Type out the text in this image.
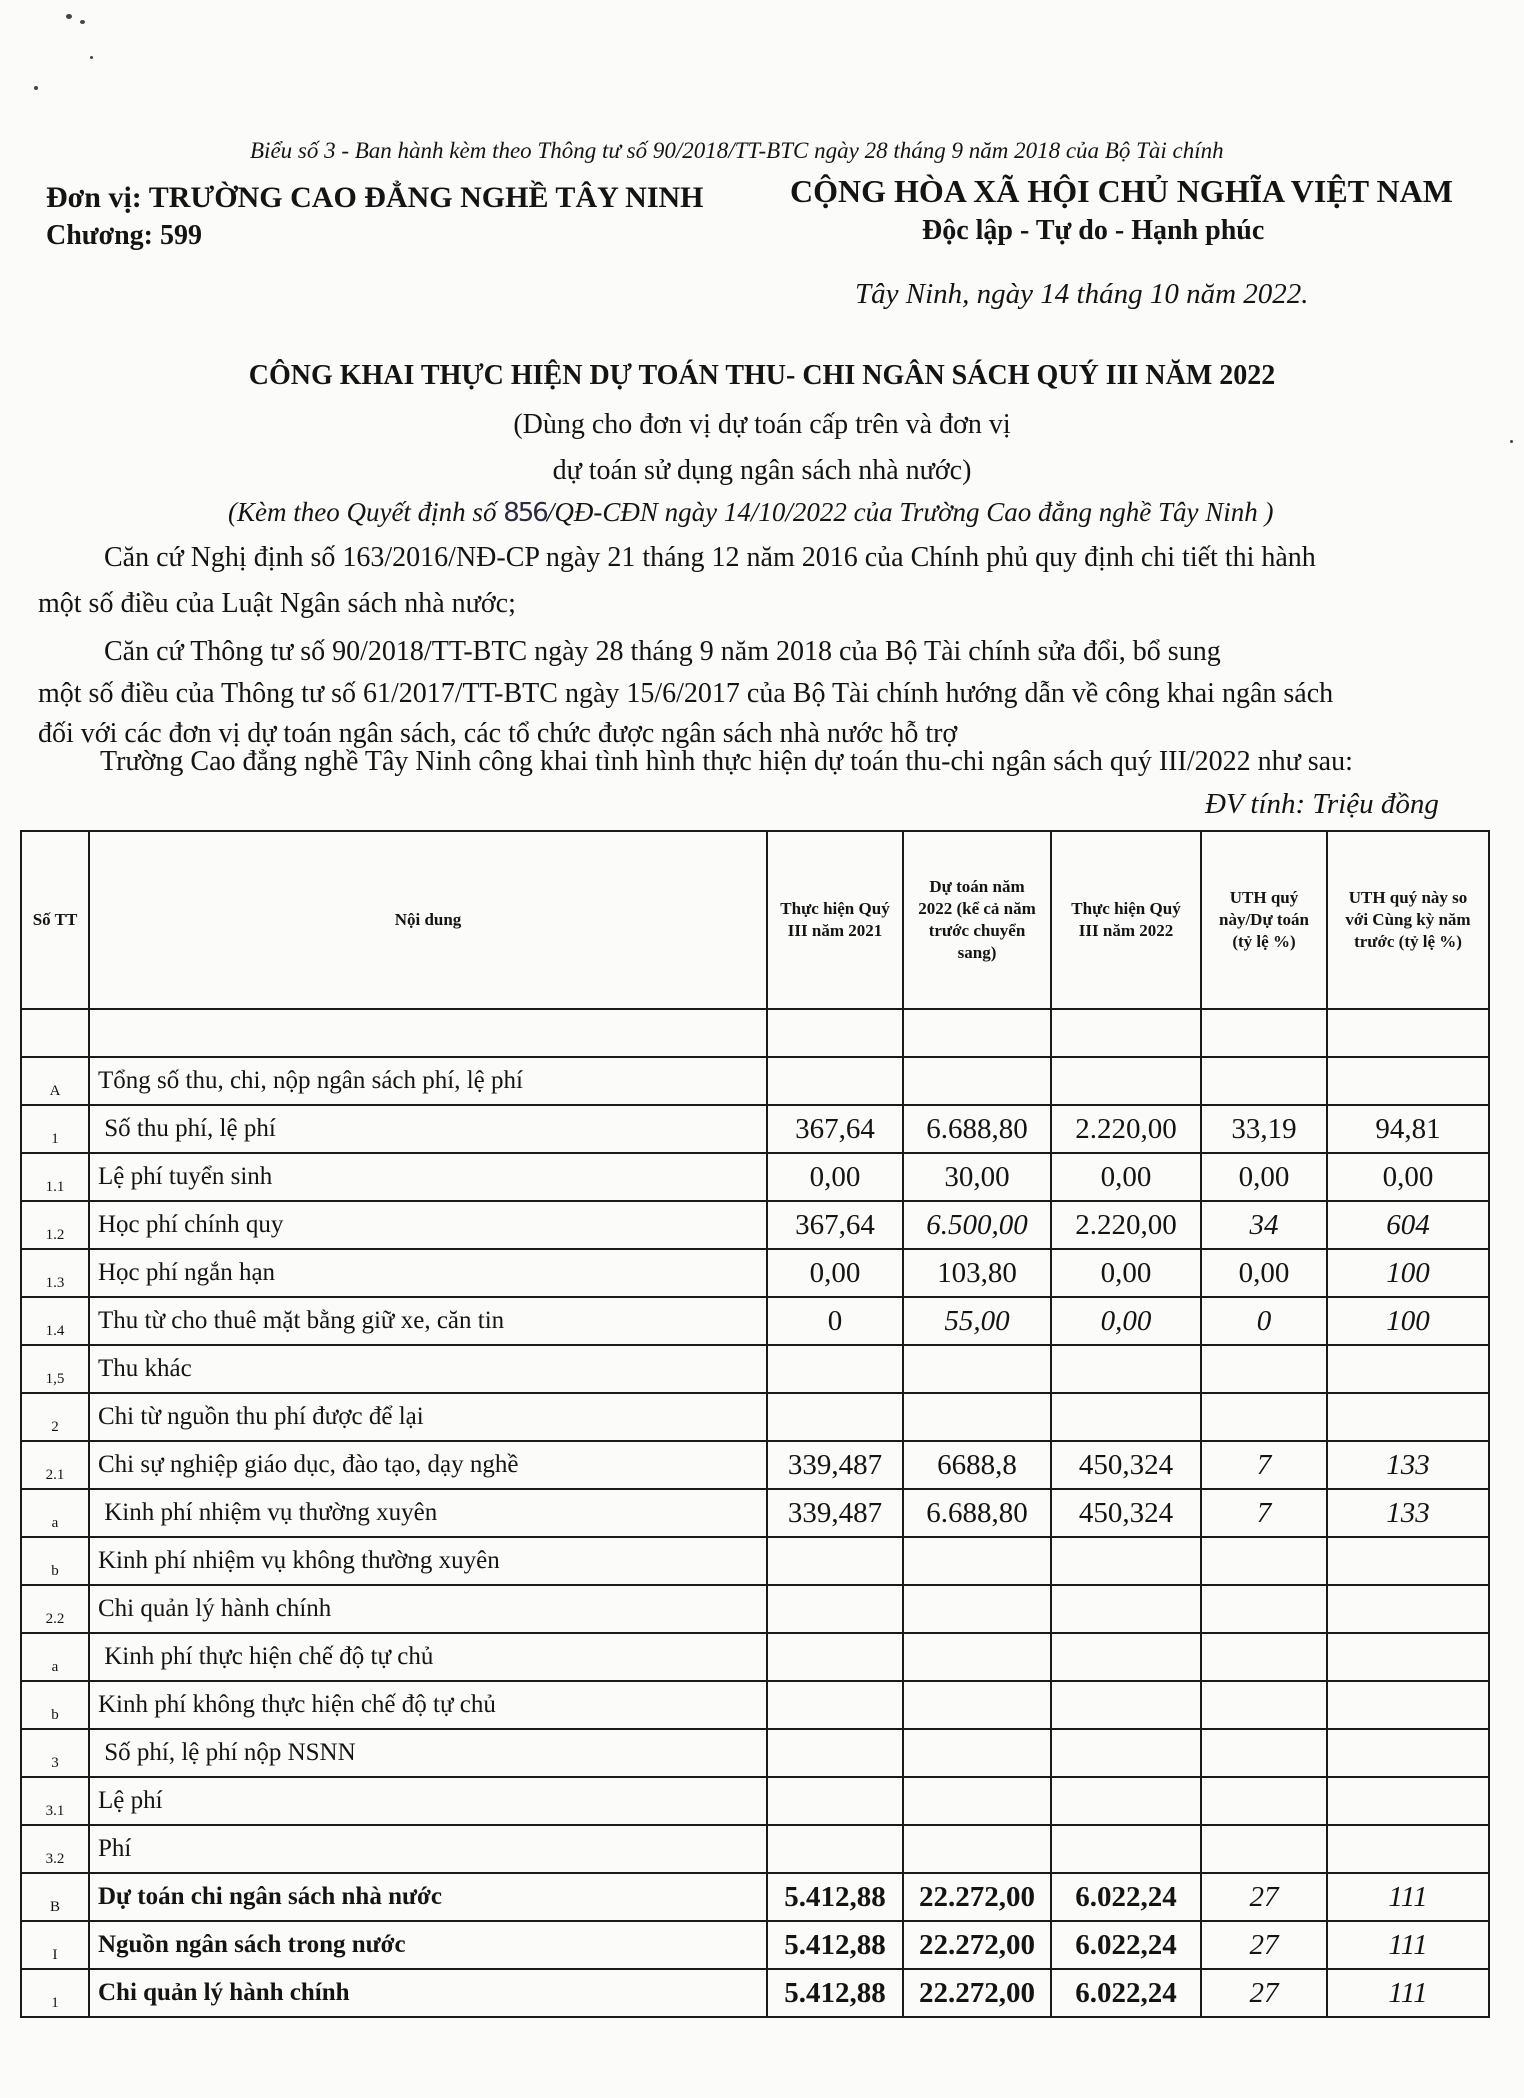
Biểu số 3 - Ban hành kèm theo Thông tư số 90/2018/TT-BTC ngày 28 tháng 9 năm 2018 của Bộ Tài chính
Đơn vị: TRƯỜNG CAO ĐẲNG NGHỀ TÂY NINH
Chương: 599
CỘNG HÒA XÃ HỘI CHỦ NGHĨA VIỆT NAM
Độc lập - Tự do - Hạnh phúc
Tây Ninh, ngày 14 tháng 10 năm 2022.
CÔNG KHAI THỰC HIỆN DỰ TOÁN THU- CHI NGÂN SÁCH QUÝ III NĂM 2022
(Dùng cho đơn vị dự toán cấp trên và đơn vị
dự toán sử dụng ngân sách nhà nước)
(Kèm theo Quyết định số 856/QĐ-CĐN ngày 14/10/2022 của Trường Cao đẳng nghề Tây Ninh )
Căn cứ Nghị định số 163/2016/NĐ-CP ngày 21 tháng 12 năm 2016 của Chính phủ quy định chi tiết thi hành
một số điều của Luật Ngân sách nhà nước;
Căn cứ Thông tư số 90/2018/TT-BTC ngày 28 tháng 9 năm 2018 của Bộ Tài chính sửa đổi, bổ sung
một số điều của Thông tư số 61/2017/TT-BTC ngày 15/6/2017 của Bộ Tài chính hướng dẫn về công khai ngân sách
đối với các đơn vị dự toán ngân sách, các tổ chức được ngân sách nhà nước hỗ trợ
Trường Cao đẳng nghề Tây Ninh công khai tình hình thực hiện dự toán thu-chi ngân sách quý III/2022 như sau:
ĐV tính: Triệu đồng
Số TT	Nội dung	Thực hiện Quý III năm 2021	Dự toán năm 2022 (kể cả năm trước chuyển sang)	Thực hiện Quý III năm 2022	UTH quý này/Dự toán (tỷ lệ %)	UTH quý này so với Cùng kỳ năm trước (tỷ lệ %)

A	Tổng số thu, chi, nộp ngân sách phí, lệ phí					
1	Số thu phí, lệ phí	367,64	6.688,80	2.220,00	33,19	94,81
1.1	Lệ phí tuyển sinh	0,00	30,00	0,00	0,00	0,00
1.2	Học phí chính quy	367,64	6.500,00	2.220,00	34	604
1.3	Học phí ngắn hạn	0,00	103,80	0,00	0,00	100
1.4	Thu từ cho thuê mặt bằng giữ xe, căn tin	0	55,00	0,00	0	100
1,5	Thu khác					
2	Chi từ nguồn thu phí được để lại					
2.1	Chi sự nghiệp giáo dục, đào tạo, dạy nghề	339,487	6688,8	450,324	7	133
a	Kinh phí nhiệm vụ thường xuyên	339,487	6.688,80	450,324	7	133
b	Kinh phí nhiệm vụ không thường xuyên					
2.2	Chi quản lý hành chính					
a	Kinh phí thực hiện chế độ tự chủ					
b	Kinh phí không thực hiện chế độ tự chủ					
3	Số phí, lệ phí nộp NSNN					
3.1	Lệ phí					
3.2	Phí					
B	Dự toán chi ngân sách nhà nước	5.412,88	22.272,00	6.022,24	27	111
I	Nguồn ngân sách trong nước	5.412,88	22.272,00	6.022,24	27	111
1	Chi quản lý hành chính	5.412,88	22.272,00	6.022,24	27	111
